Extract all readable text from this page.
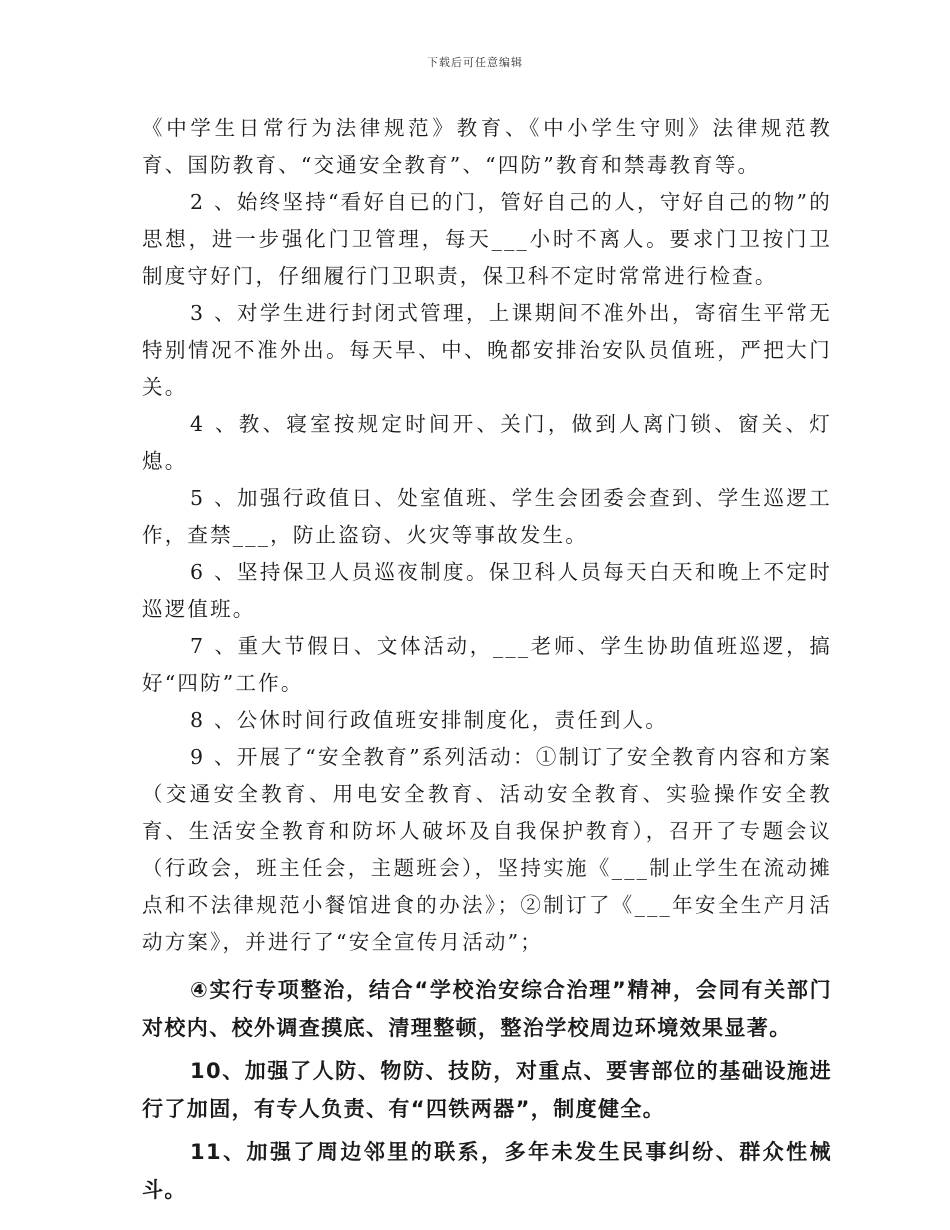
下载后可任意编辑

《中学生日常行为法律规范》教育、《中小学生守则》法律规范教育、国防教育、“交通安全教育”、“四防”教育和禁毒教育等。

2 、始终坚持“看好自已的门，管好自己的人，守好自己的物”的思想，进一步强化门卫管理，每天___小时不离人。要求门卫按门卫制度守好门，仔细履行门卫职责，保卫科不定时常常进行检查。

3 、对学生进行封闭式管理，上课期间不准外出，寄宿生平常无特别情况不准外出。每天早、中、晚都安排治安队员值班，严把大门关。

4 、教、寝室按规定时间开、关门，做到人离门锁、窗关、灯熄。

5 、加强行政值日、处室值班、学生会团委会查到、学生巡逻工作，查禁___，防止盗窃、火灾等事故发生。

6 、坚持保卫人员巡夜制度。保卫科人员每天白天和晚上不定时巡逻值班。

7 、重大节假日、文体活动，___老师、学生协助值班巡逻，搞好“四防”工作。

8 、公休时间行政值班安排制度化，责任到人。

9 、开展了“安全教育”系列活动：①制订了安全教育内容和方案（交通安全教育、用电安全教育、活动安全教育、实验操作安全教育、生活安全教育和防坏人破坏及自我保护教育），召开了专题会议（行政会，班主任会，主题班会），坚持实施《___制止学生在流动摊点和不法律规范小餐馆进食的办法》；②制订了《___年安全生产月活动方案》，并进行了“安全宣传月活动”；

④实行专项整治，结合“学校治安综合治理”精神，会同有关部门对校内、校外调查摸底、清理整顿，整治学校周边环境效果显著。

10、加强了人防、物防、技防，对重点、要害部位的基础设施进行了加固，有专人负责、有“四铁两器”，制度健全。

11、加强了周边邻里的联系，多年未发生民事纠纷、群众性械斗。
